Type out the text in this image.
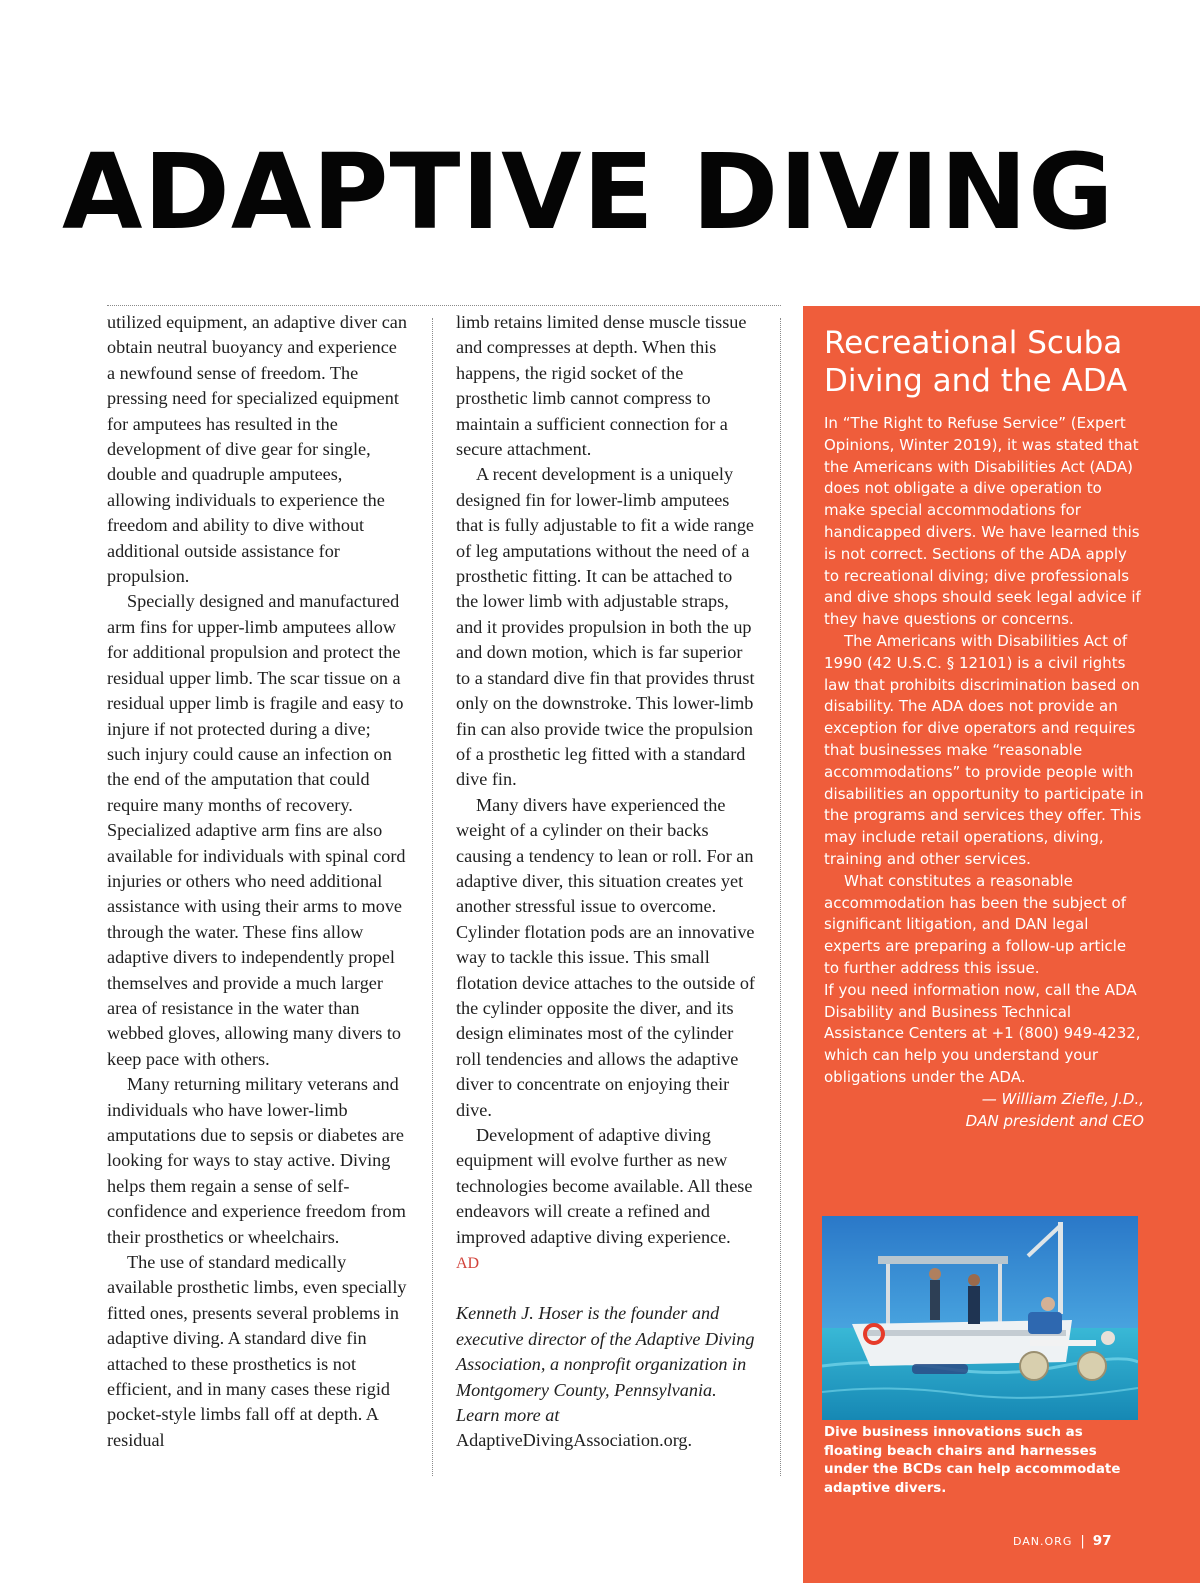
ADAPTIVE DIVING

utilized equipment, an adaptive diver can obtain neutral buoyancy and experience a newfound sense of freedom. The pressing need for specialized equipment for amputees has resulted in the development of dive gear for single, double and quadruple amputees, allowing individuals to experience the freedom and ability to dive without additional outside assistance for propulsion.

Specially designed and manufactured arm fins for upper-limb amputees allow for additional propulsion and protect the residual upper limb. The scar tissue on a residual upper limb is fragile and easy to injure if not protected during a dive; such injury could cause an infection on the end of the amputation that could require many months of recovery. Specialized adaptive arm fins are also available for individuals with spinal cord injuries or others who need additional assistance with using their arms to move through the water. These fins allow adaptive divers to independently propel themselves and provide a much larger area of resistance in the water than webbed gloves, allowing many divers to keep pace with others.

Many returning military veterans and individuals who have lower-limb amputations due to sepsis or diabetes are looking for ways to stay active. Diving helps them regain a sense of self-confidence and experience freedom from their prosthetics or wheelchairs.

The use of standard medically available prosthetic limbs, even specially fitted ones, presents several problems in adaptive diving. A standard dive fin attached to these prosthetics is not efficient, and in many cases these rigid pocket-style limbs fall off at depth. A residual

limb retains limited dense muscle tissue and compresses at depth. When this happens, the rigid socket of the prosthetic limb cannot compress to maintain a sufficient connection for a secure attachment.

A recent development is a uniquely designed fin for lower-limb amputees that is fully adjustable to fit a wide range of leg amputations without the need of a prosthetic fitting. It can be attached to the lower limb with adjustable straps, and it provides propulsion in both the up and down motion, which is far superior to a standard dive fin that provides thrust only on the downstroke. This lower-limb fin can also provide twice the propulsion of a prosthetic leg fitted with a standard dive fin.

Many divers have experienced the weight of a cylinder on their backs causing a tendency to lean or roll. For an adaptive diver, this situation creates yet another stressful issue to overcome. Cylinder flotation pods are an innovative way to tackle this issue. This small flotation device attaches to the outside of the cylinder opposite the diver, and its design eliminates most of the cylinder roll tendencies and allows the adaptive diver to concentrate on enjoying their dive.

Development of adaptive diving equipment will evolve further as new technologies become available. All these endeavors will create a refined and improved adaptive diving experience. AD

Kenneth J. Hoser is the founder and executive director of the Adaptive Diving Association, a nonprofit organization in Montgomery County, Pennsylvania. Learn more at AdaptiveDivingAssociation.org.

Recreational Scuba Diving and the ADA

In “The Right to Refuse Service” (Expert Opinions, Winter 2019), it was stated that the Americans with Disabilities Act (ADA) does not obligate a dive operation to make special accommodations for handicapped divers. We have learned this is not correct. Sections of the ADA apply to recreational diving; dive professionals and dive shops should seek legal advice if they have questions or concerns.

The Americans with Disabilities Act of 1990 (42 U.S.C. § 12101) is a civil rights law that prohibits discrimination based on disability. The ADA does not provide an exception for dive operators and requires that businesses make “reasonable accommodations” to provide people with disabilities an opportunity to participate in the programs and services they offer. This may include retail operations, diving, training and other services.

What constitutes a reasonable accommodation has been the subject of significant litigation, and DAN legal experts are preparing a follow-up article to further address this issue.

If you need information now, call the ADA Disability and Business Technical Assistance Centers at +1 (800) 949-4232, which can help you understand your obligations under the ADA.

— William Ziefle, J.D.,

DAN president and CEO

Dive business innovations such as floating beach chairs and harnesses under the BCDs can help accommodate adaptive divers.

DAN.ORG | 97
